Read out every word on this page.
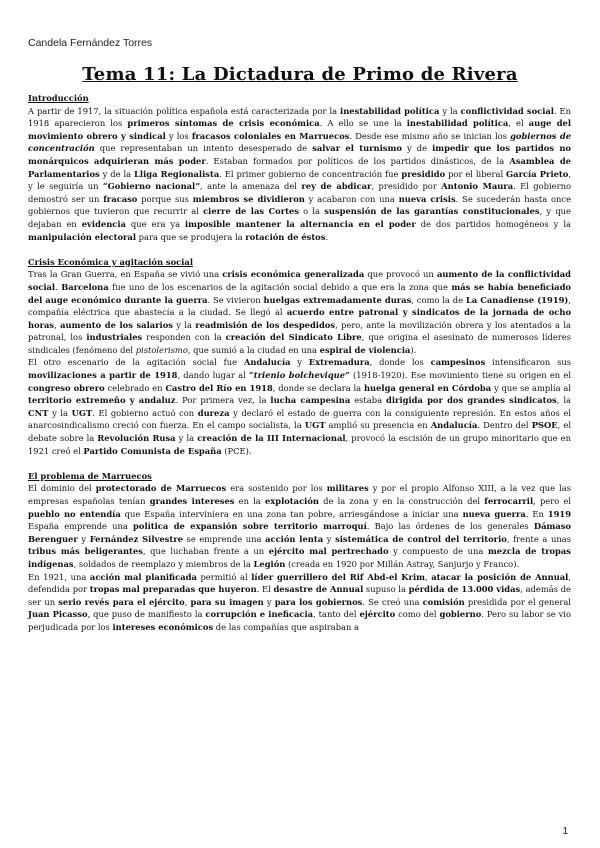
Candela Fernández Torres
Tema 11: La Dictadura de Primo de Rivera

Introducción

A partir de 1917, la situación política española está caracterizada por la inestabilidad política y la conflictividad social. En 1918 aparecieron los primeros síntomas de crisis económica. A ello se une la inestabilidad política, el auge del movimiento obrero y sindical y los fracasos coloniales en Marruecos. Desde ese mismo año se inician los gobiernos de concentración que representaban un intento desesperado de salvar el turnismo y de impedir que los partidos no monárquicos adquirieran más poder. Estaban formados por políticos de los partidos dinásticos, de la Asamblea de Parlamentarios y de la Lliga Regionalista. El primer gobierno de concentración fue presidido por el liberal García Prieto, y le seguiría un “Gobierno nacional”, ante la amenaza del rey de abdicar, presidido por Antonio Maura. El gobierno demostró ser un fracaso porque sus miembros se dividieron y acabaron con una nueva crisis. Se sucederán hasta once gobiernos que tuvieron que recurrir al cierre de las Cortes o la suspensión de las garantías constitucionales, y que dejaban en evidencia que era ya imposible mantener la alternancia en el poder de dos partidos homogéneos y la manipulación electoral para que se produjera la rotación de éstos.

Crisis Económica y agitación social

Tras la Gran Guerra, en España se vivió una crisis económica generalizada que provocó un aumento de la conflictividad social. Barcelona fue uno de los escenarios de la agitación social debido a que era la zona que más se había beneficiado del auge económico durante la guerra. Se vivieron huelgas extremadamente duras, como la de La Canadiense (1919), compañía eléctrica que abastecía a la ciudad. Se llegó al acuerdo entre patronal y sindicatos de la jornada de ocho horas, aumento de los salarios y la readmisión de los despedidos, pero, ante la movilización obrera y los atentados a la patronal, los industriales responden con la creación del Sindicato Libre, que origina el asesinato de numerosos líderes sindicales (fenómeno del pistolerismo, que sumió a la ciudad en una espiral de violencia).

El otro escenario de la agitación social fue Andalucía y Extremadura, donde los campesinos intensificaron sus movilizaciones a partir de 1918, dando lugar al “trienio bolchevique” (1918-1920). Ese movimiento tiene su origen en el congreso obrero celebrado en Castro del Río en 1918, donde se declara la huelga general en Córdoba y que se amplía al territorio extremeño y andaluz. Por primera vez, la lucha campesina estaba dirigida por dos grandes sindicatos, la CNT y la UGT. El gobierno actuó con dureza y declaró el estado de guerra con la consiguiente represión. En estos años el anarcosindicalismo creció con fuerza. En el campo socialista, la UGT amplió su presencia en Andalucía. Dentro del PSOE, el debate sobre la Revolución Rusa y la creación de la III Internacional, provocó la escisión de un grupo minoritario que en 1921 creó el Partido Comunista de España (PCE).

El problema de Marruecos

El dominio del protectorado de Marruecos era sostenido por los militares y por el propio Alfonso XIII, a la vez que las empresas españolas tenían grandes intereses en la explotación de la zona y en la construcción del ferrocarril, pero el pueblo no entendía que España interviniera en una zona tan pobre, arriesgándose a iniciar una nueva guerra. En 1919 España emprende una política de expansión sobre territorio marroquí. Bajo las órdenes de los generales Dámaso Berenguer y Fernández Silvestre se emprende una acción lenta y sistemática de control del territorio, frente a unas tribus más beligerantes, que luchaban frente a un ejército mal pertrechado y compuesto de una mezcla de tropas indígenas, soldados de reemplazo y miembros de la Legión (creada en 1920 por Millán Astray, Sanjurjo y Franco).

En 1921, una acción mal planificada permitió al líder guerrillero del Rif Abd-el Krim, atacar la posición de Annual, defendida por tropas mal preparadas que huyeron. El desastre de Annual supuso la pérdida de 13.000 vidas, además de ser un serio revés para el ejército, para su imagen y para los gobiernos. Se creó una comisión presidida por el general Juan Picasso, que puso de manifiesto la corrupción e ineficacia, tanto del ejército como del gobierno. Pero su labor se vio perjudicada por los intereses económicos de las compañías que aspiraban a

1
